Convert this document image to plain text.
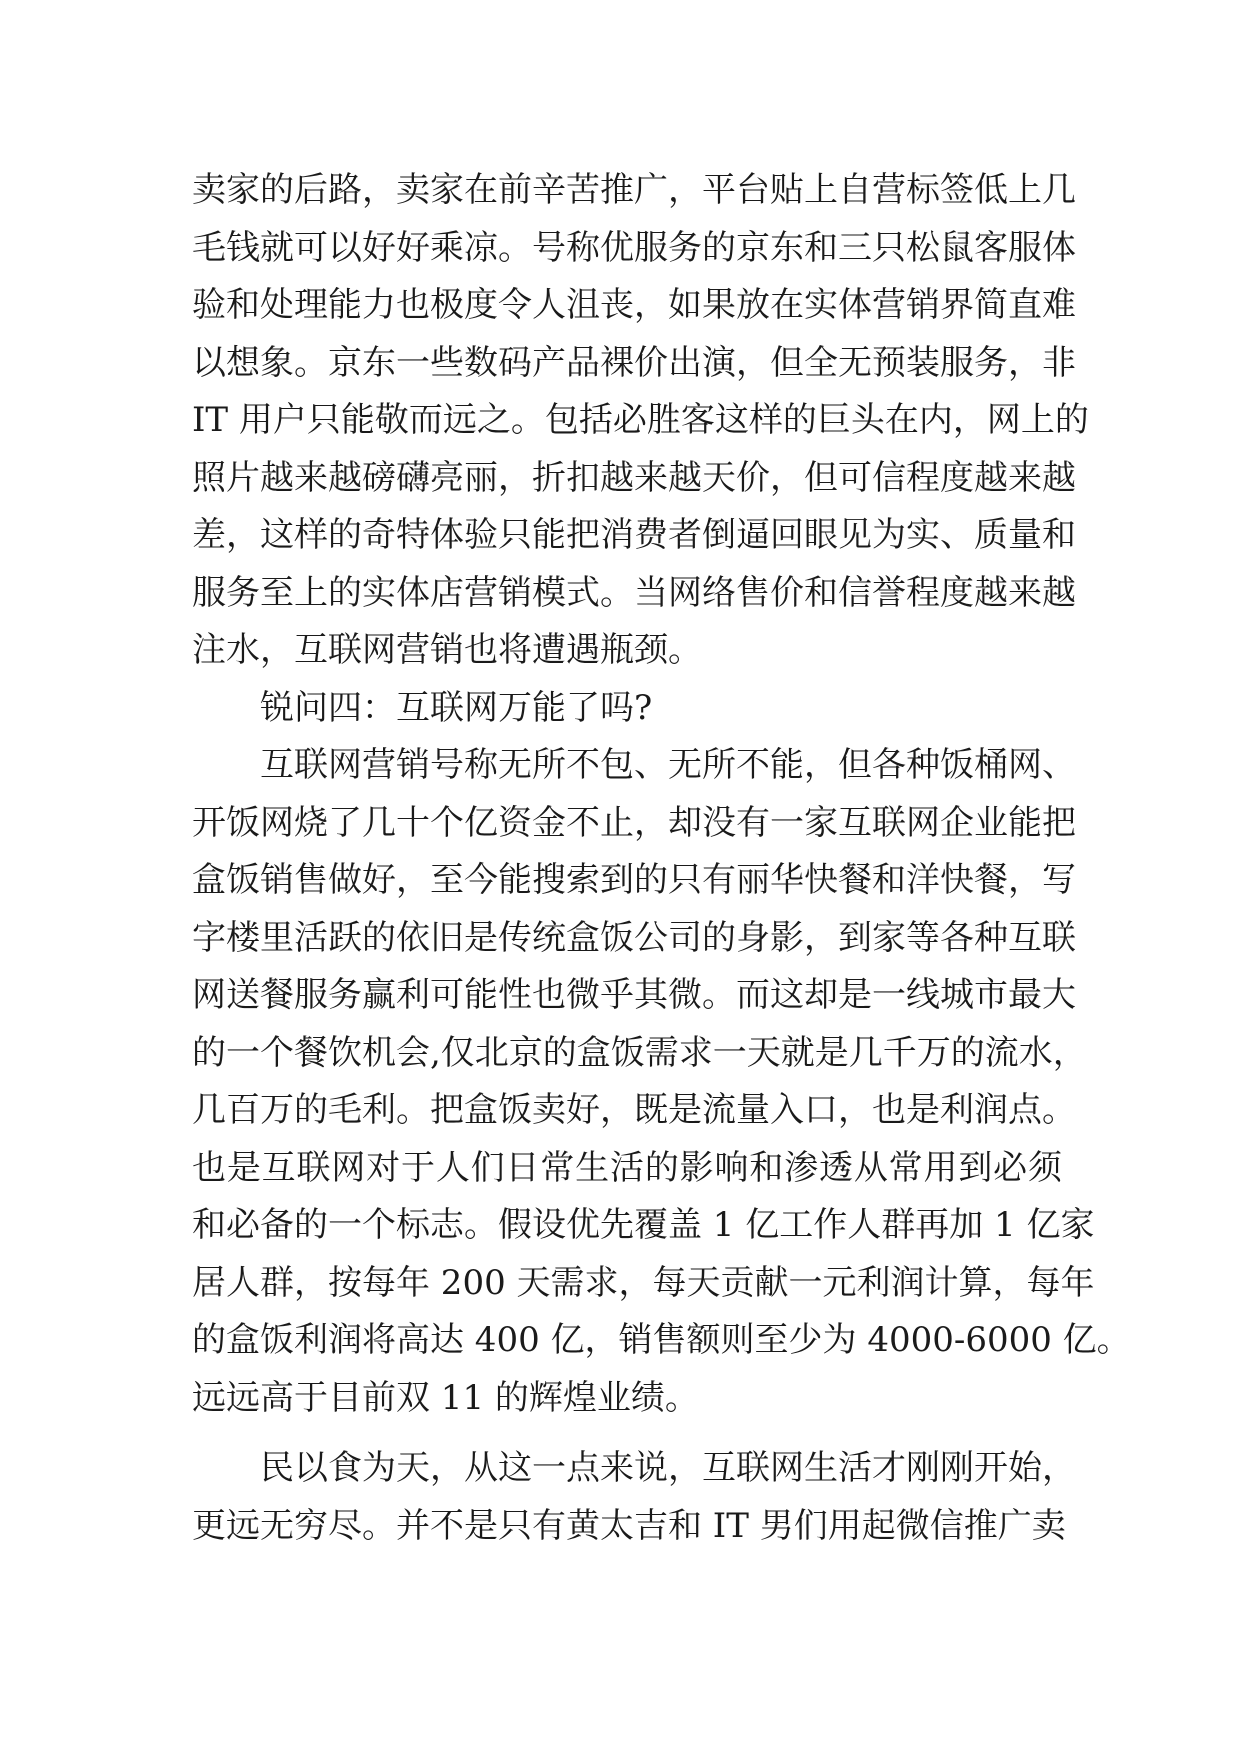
卖家的后路，卖家在前辛苦推广，平台贴上自营标签低上几
毛钱就可以好好乘凉。号称优服务的京东和三只松鼠客服体
验和处理能力也极度令人沮丧，如果放在实体营销界简直难
以想象。京东一些数码产品裸价出演，但全无预装服务，非
IT 用户只能敬而远之。包括必胜客这样的巨头在内，网上的
照片越来越磅礴亮丽，折扣越来越天价，但可信程度越来越
差，这样的奇特体验只能把消费者倒逼回眼见为实、质量和
服务至上的实体店营销模式。当网络售价和信誉程度越来越
注水，互联网营销也将遭遇瓶颈。
锐问四：互联网万能了吗?
互联网营销号称无所不包、无所不能，但各种饭桶网、
开饭网烧了几十个亿资金不止，却没有一家互联网企业能把
盒饭销售做好，至今能搜索到的只有丽华快餐和洋快餐，写
字楼里活跃的依旧是传统盒饭公司的身影，到家等各种互联
网送餐服务赢利可能性也微乎其微。而这却是一线城市最大
的一个餐饮机会,仅北京的盒饭需求一天就是几千万的流水，
几百万的毛利。把盒饭卖好，既是流量入口，也是利润点。
也是互联网对于人们日常生活的影响和渗透从常用到必须
和必备的一个标志。假设优先覆盖 1 亿工作人群再加 1 亿家
居人群，按每年 200 天需求，每天贡献一元利润计算，每年
的盒饭利润将高达 400 亿，销售额则至少为 4000-6000 亿。
远远高于目前双 11 的辉煌业绩。
民以食为天，从这一点来说，互联网生活才刚刚开始，
更远无穷尽。并不是只有黄太吉和 IT 男们用起微信推广卖
